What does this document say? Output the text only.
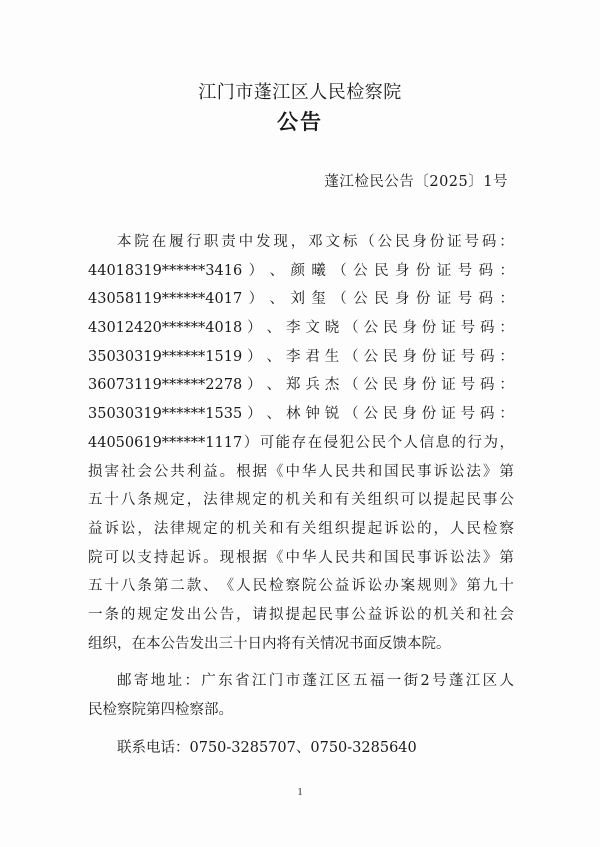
江门市蓬江区人民检察院
公告
蓬江检民公告〔2025〕1号
本 院 在 履 行 职 责 中 发 现 ， 邓 文 标 （ 公 民 身 份 证 号 码 ：
44018319******3416 ） 、 颜 曦 （ 公 民 身 份 证 号 码 ：
43058119******4017 ） 、 刘 玺 （ 公 民 身 份 证 号 码 ：
43012420******4018 ） 、 李 文 晓 （ 公 民 身 份 证 号 码 ：
35030319******1519 ） 、 李 君 生 （ 公 民 身 份 证 号 码 ：
36073119******2278 ） 、 郑 兵 杰 （ 公 民 身 份 证 号 码 ：
35030319******1535 ） 、 林 钟 锐 （ 公 民 身 份 证 号 码 ：
44050619******1117 ） 可 能 存 在 侵 犯 公 民 个 人 信 息 的 行 为 ，
损 害 社 会 公 共 利 益 。 根 据 《 中 华 人 民 共 和 国 民 事 诉 讼 法 》 第
五 十 八 条 规 定 ， 法 律 规 定 的 机 关 和 有 关 组 织 可 以 提 起 民 事 公
益 诉 讼 ， 法 律 规 定 的 机 关 和 有 关 组 织 提 起 诉 讼 的 ， 人 民 检 察
院 可 以 支 持 起 诉 。 现 根 据 《 中 华 人 民 共 和 国 民 事 诉 讼 法 》 第
五 十 八 条 第 二 款 、 《 人 民 检 察 院 公 益 诉 讼 办 案 规 则 》 第 九 十
一 条 的 规 定 发 出 公 告 ， 请 拟 提 起 民 事 公 益 诉 讼 的 机 关 和 社 会
组织，在本公告发出三十日内将有关情况书面反馈本院。
邮 寄 地 址 ： 广 东 省 江 门 市 蓬 江 区 五 福 一 街 2 号 蓬 江 区 人
民检察院第四检察部。
联系电话：0750-3285707、0750-3285640
1
